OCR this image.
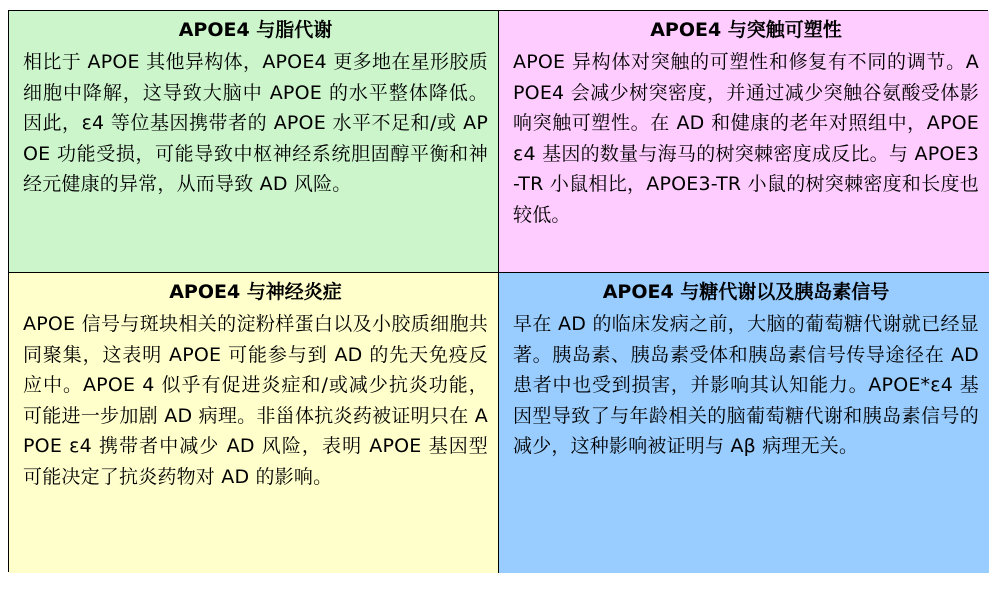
APOE4 与脂代谢
相比于 APOE 其他异构体，APOE4 更多地在星形胶质细胞中降解，这导致大脑中 APOE 的水平整体降低。因此，ε4 等位基因携带者的 APOE 水平不足和/或 APOE 功能受损，可能导致中枢神经系统胆固醇平衡和神经元健康的异常，从而导致 AD 风险。
APOE4 与突触可塑性
APOE 异构体对突触的可塑性和修复有不同的调节。APOE4 会减少树突密度，并通过减少突触谷氨酸受体影响突触可塑性。在 AD 和健康的老年对照组中，APOE ε4 基因的数量与海马的树突棘密度成反比。与 APOE3-TR 小鼠相比，APOE3-TR 小鼠的树突棘密度和长度也较低。
APOE4 与神经炎症
APOE 信号与斑块相关的淀粉样蛋白以及小胶质细胞共同聚集，这表明 APOE 可能参与到 AD 的先天免疫反应中。APOE 4 似乎有促进炎症和/或减少抗炎功能，可能进一步加剧 AD 病理。非甾体抗炎药被证明只在 APOE ε4 携带者中减少 AD 风险，表明 APOE 基因型可能决定了抗炎药物对 AD 的影响。
APOE4 与糖代谢以及胰岛素信号
早在 AD 的临床发病之前，大脑的葡萄糖代谢就已经显著。胰岛素、胰岛素受体和胰岛素信号传导途径在 AD 患者中也受到损害，并影响其认知能力。APOE*ε4 基因型导致了与年龄相关的脑葡萄糖代谢和胰岛素信号的减少，这种影响被证明与 Aβ 病理无关。
